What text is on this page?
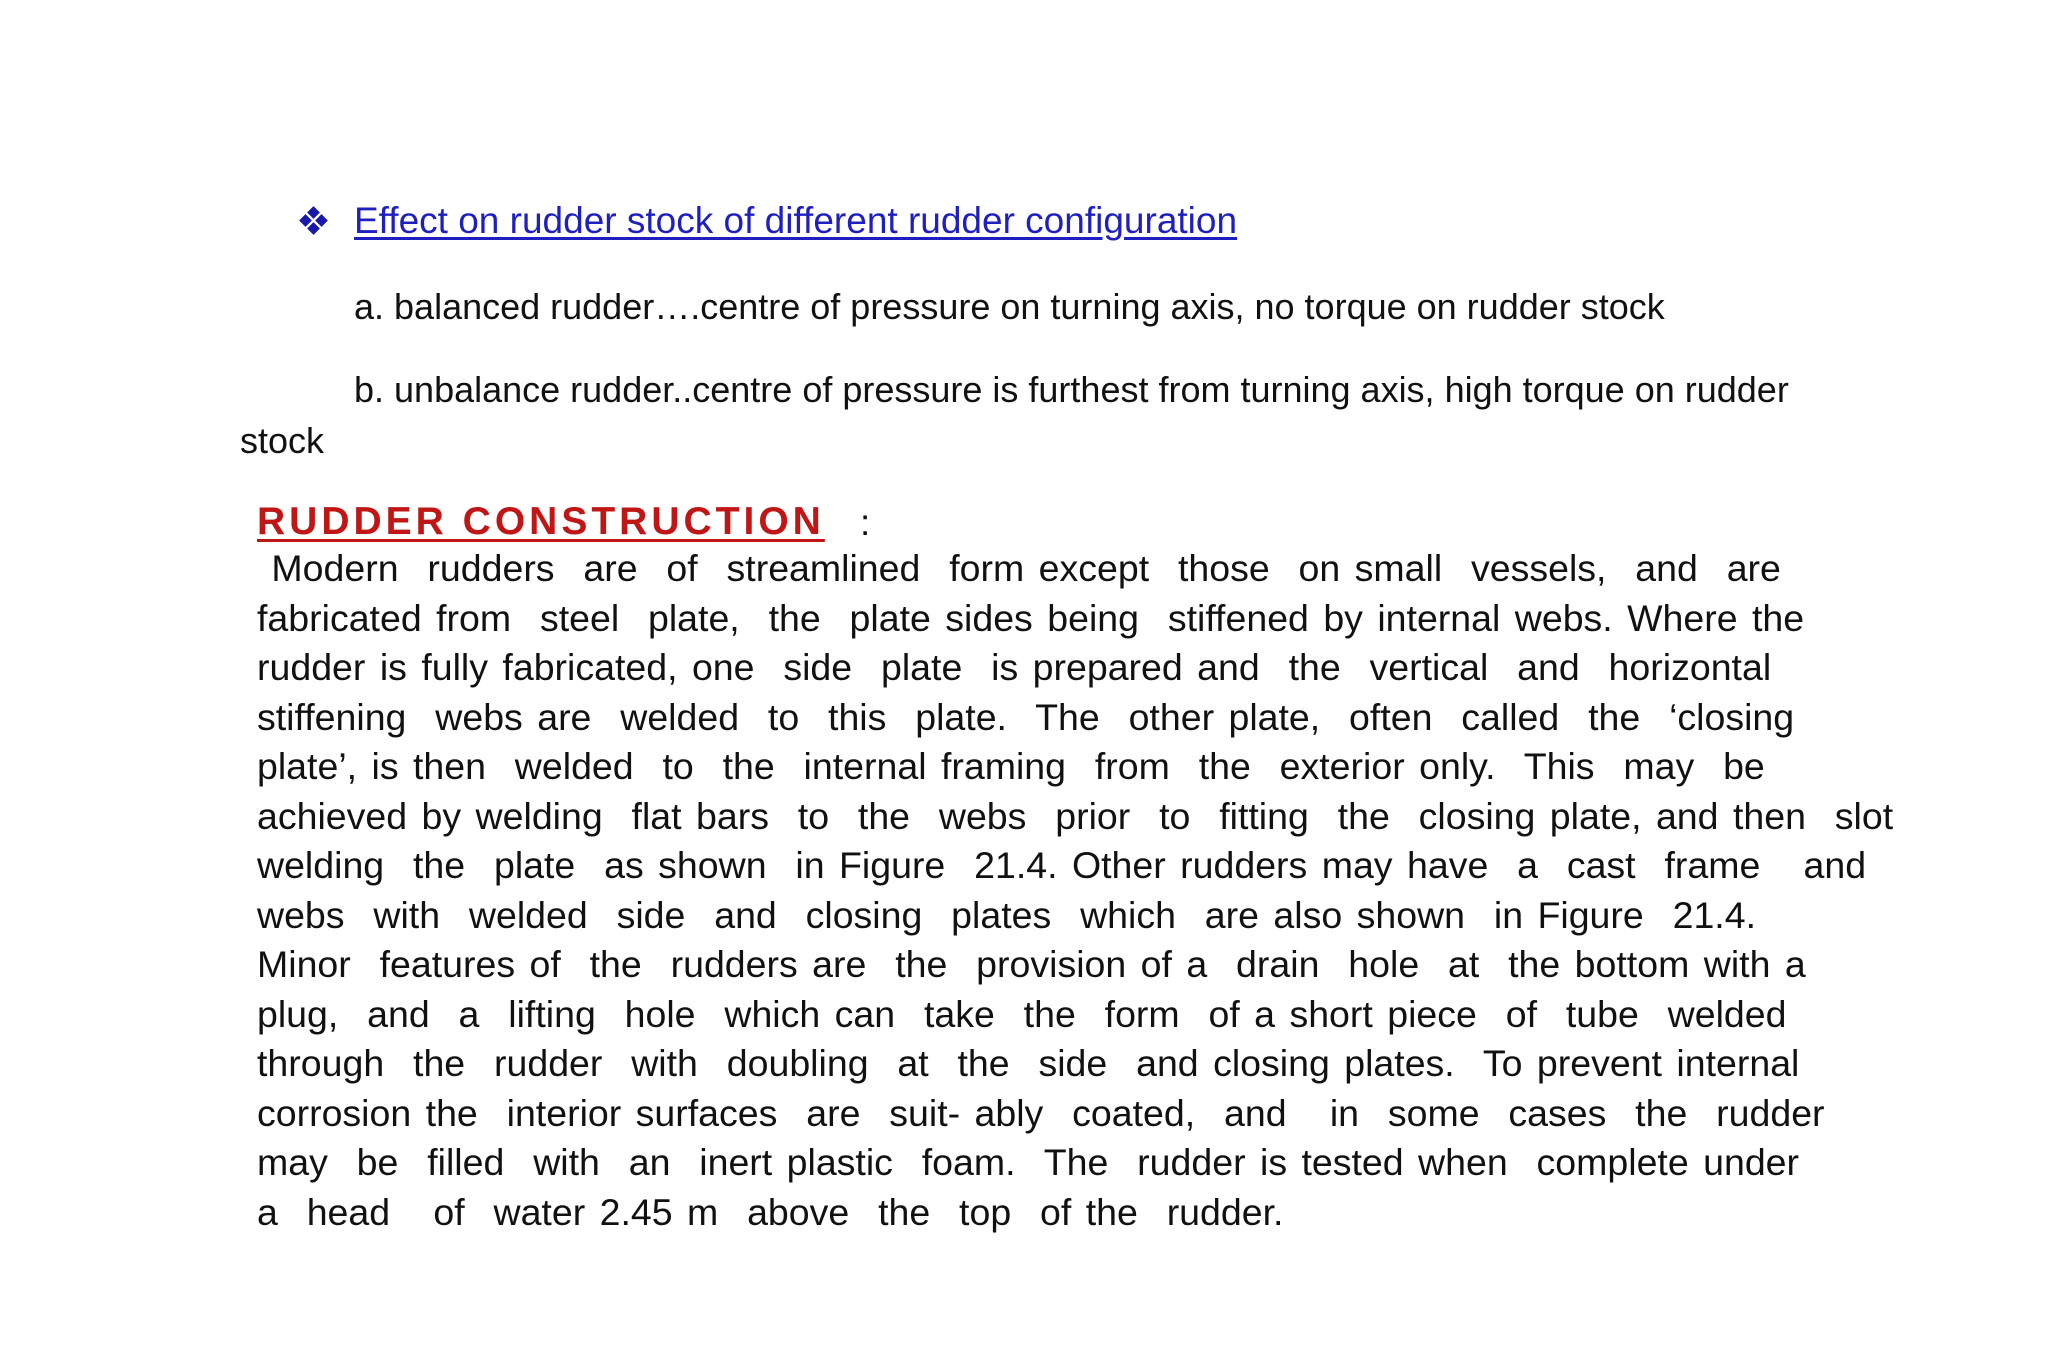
Effect on rudder stock of different rudder configuration
a. balanced rudder….centre of pressure on turning axis, no torque on rudder stock
b. unbalance rudder..centre of pressure is furthest from turning axis, high torque on rudder
stock
RUDDER CONSTRUCTION :
Modern  rudders  are  of  streamlined  form except  those  on small  vessels,  and  are
fabricated from  steel  plate,  the  plate sides being  stiffened by internal webs. Where the
rudder is fully fabricated, one  side  plate  is prepared and  the  vertical  and  horizontal
stiffening  webs are  welded  to  this  plate.  The  other plate,  often  called  the  ‘closing
plate’, is then  welded  to  the  internal framing  from  the  exterior only.  This  may  be
achieved by welding  flat bars  to  the  webs  prior  to  fitting  the  closing plate, and then  slot
welding  the  plate  as shown  in Figure  21.4. Other rudders may have  a  cast  frame   and
webs  with  welded  side  and  closing  plates  which  are also shown  in Figure  21.4.
Minor  features of  the  rudders are  the  provision of a  drain  hole  at  the bottom with a
plug,  and  a  lifting  hole  which can  take  the  form  of a short piece  of  tube  welded
through  the  rudder  with  doubling  at  the  side  and closing plates.  To prevent internal
corrosion the  interior surfaces  are  suit- ably  coated,  and   in  some  cases  the  rudder
may  be  filled  with  an  inert plastic  foam.  The  rudder is tested when  complete under
a  head   of  water 2.45 m  above  the  top  of the  rudder.
